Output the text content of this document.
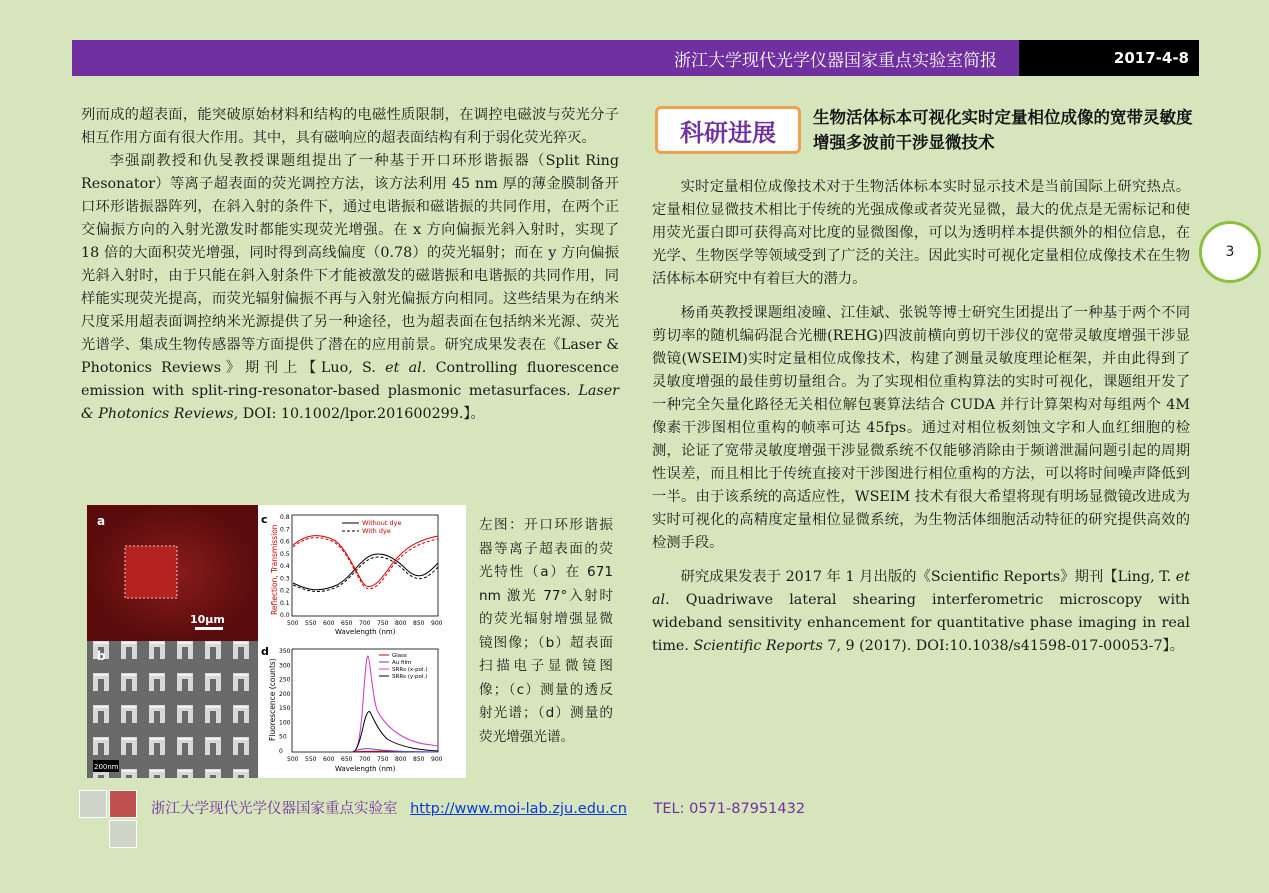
浙江大学现代光学仪器国家重点实验室简报	2017-4-8

列而成的超表面，能突破原始材料和结构的电磁性质限制，在调控电磁波与荧光分子相互作用方面有很大作用。其中，具有磁响应的超表面结构有利于弱化荧光猝灭。

李强副教授和仇旻教授课题组提出了一种基于开口环形谐振器（Split Ring Resonator）等离子超表面的荧光调控方法，该方法利用 45 nm 厚的薄金膜制备开口环形谐振器阵列，在斜入射的条件下，通过电谐振和磁谐振的共同作用，在两个正交偏振方向的入射光激发时都能实现荧光增强。在 x 方向偏振光斜入射时，实现了 18 倍的大面积荧光增强，同时得到高线偏度（0.78）的荧光辐射；而在 y 方向偏振光斜入射时，由于只能在斜入射条件下才能被激发的磁谐振和电谐振的共同作用，同样能实现荧光提高，而荧光辐射偏振不再与入射光偏振方向相同。这些结果为在纳米尺度采用超表面调控纳米光源提供了另一种途径，也为超表面在包括纳米光源、荧光光谱学、集成生物传感器等方面提供了潜在的应用前景。研究成果发表在《Laser & Photonics Reviews》期刊上【Luo, S. et al. Controlling fluorescence emission with split-ring-resonator-based plasmonic metasurfaces. Laser & Photonics Reviews, DOI: 10.1002/lpor.201600299.】。

a
10μm
b
200nm
c 0.8
0.7
0.6
0.5
0.4
0.3
0.2
0.1
0.0
500 550 600 650 700 750 800 850 900
Reflection, Transmission
Wavelength (nm)
Without dye
With dye
d 350
300
250
200
150
100
50
0
500 550 600 650 700 750 800 850 900
Fluorescence (counts)
Wavelength (nm)
Glass
Au film
SRRs (x-pol.)
SRRs (y-pol.)
左图：开口环形谐振器等离子超表面的荧光特性（a）在 671 nm 激光 77°入射时的荧光辐射增强显微镜图像；（b）超表面扫描电子显微镜图像；（c）测量的透反射光谱；（d）测量的荧光增强光谱。
科研进展
生物活体标本可视化实时定量相位成像的宽带灵敏度增强多波前干涉显微技术

实时定量相位成像技术对于生物活体标本实时显示技术是当前国际上研究热点。定量相位显微技术相比于传统的光强成像或者荧光显微，最大的优点是无需标记和使用荧光蛋白即可获得高对比度的显微图像，可以为透明样本提供额外的相位信息，在光学、生物医学等领域受到了广泛的关注。因此实时可视化定量相位成像技术在生物活体标本研究中有着巨大的潜力。

杨甬英教授课题组凌曈、江佳斌、张锐等博士研究生团提出了一种基于两个不同剪切率的随机编码混合光栅(REHG)四波前横向剪切干涉仪的宽带灵敏度增强干涉显微镜(WSEIM)实时定量相位成像技术，构建了测量灵敏度理论框架，并由此得到了灵敏度增强的最佳剪切量组合。为了实现相位重构算法的实时可视化，课题组开发了一种完全矢量化路径无关相位解包裹算法结合 CUDA 并行计算架构对每组两个 4M 像素干涉图相位重构的帧率可达 45fps。通过对相位板刻蚀文字和人血红细胞的检测，论证了宽带灵敏度增强干涉显微系统不仅能够消除由于频谱泄漏问题引起的周期性误差，而且相比于传统直接对干涉图进行相位重构的方法，可以将时间噪声降低到一半。由于该系统的高适应性，WSEIM 技术有很大希望将现有明场显微镜改进成为实时可视化的高精度定量相位显微系统，为生物活体细胞活动特征的研究提供高效的检测手段。

研究成果发表于 2017 年 1 月出版的《Scientific Reports》期刊【Ling, T. et al. Quadriwave lateral shearing interferometric microscopy with wideband sensitivity enhancement for quantitative phase imaging in real time. Scientific Reports 7, 9 (2017). DOI:10.1038/s41598-017-00053-7】。

3
浙江大学现代光学仪器国家重点实验室 http://www.moi-lab.zju.edu.cn TEL: 0571-87951432
